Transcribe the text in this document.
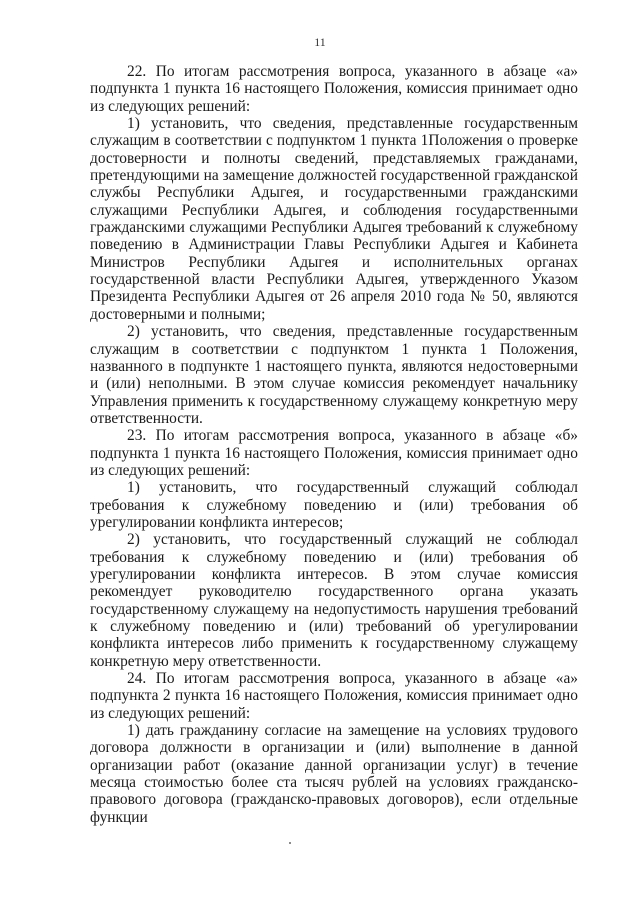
11

22. По итогам рассмотрения вопроса, указанного в абзаце «а» подпункта 1 пункта 16 настоящего Положения, комиссия принимает одно из следующих решений:

1) установить, что сведения, представленные государственным служащим в соответствии с подпунктом 1 пункта 1Положения о проверке достоверности и полноты сведений, представляемых гражданами, претендующими на замещение должностей государственной гражданской службы Республики Адыгея, и государственными гражданскими служащими Республики Адыгея, и соблюдения государственными гражданскими служащими Республики Адыгея требований к служебному поведению в Администрации Главы Республики Адыгея и Кабинета Министров Республики Адыгея и исполнительных органах государственной власти Республики Адыгея, утвержденного Указом Президента Республики Адыгея от 26 апреля 2010 года № 50, являются достоверными и полными;

2) установить, что сведения, представленные государственным служащим в соответствии с подпунктом 1 пункта 1 Положения, названного в подпункте 1 настоящего пункта, являются недостоверными и (или) неполными. В этом случае комиссия рекомендует начальнику Управления применить к государственному служащему конкретную меру ответственности.

23. По итогам рассмотрения вопроса, указанного в абзаце «б» подпункта 1 пункта 16 настоящего Положения, комиссия принимает одно из следующих решений:

1) установить, что государственный служащий соблюдал требования к служебному поведению и (или) требования об урегулировании конфликта интересов;

2) установить, что государственный служащий не соблюдал требования к служебному поведению и (или) требования об урегулировании конфликта интересов. В этом случае комиссия рекомендует руководителю государственного органа указать государственному служащему на недопустимость нарушения требований к служебному поведению и (или) требований об урегулировании конфликта интересов либо применить к государственному служащему конкретную меру ответственности.

24. По итогам рассмотрения вопроса, указанного в абзаце «а» подпункта 2 пункта 16 настоящего Положения, комиссия принимает одно из следующих решений:

1) дать гражданину согласие на замещение на условиях трудового договора должности в организации и (или) выполнение в данной организации работ (оказание данной организации услуг) в течение месяца стоимостью более ста тысяч рублей на условиях гражданско-правового договора (гражданско-правовых договоров), если отдельные функции
